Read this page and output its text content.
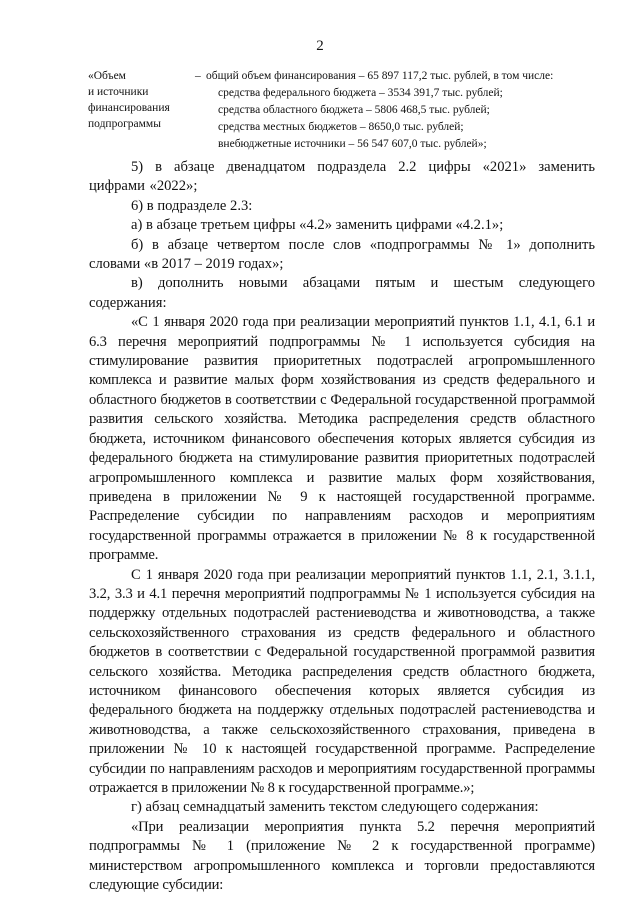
2
«Объем
и источники
финансирования
подпрограммы
– общий объем финансирования – 65 897 117,2 тыс. рублей, в том числе:
средства федерального бюджета – 3534 391,7 тыс. рублей;
средства областного бюджета – 5806 468,5 тыс. рублей;
средства местных бюджетов – 8650,0 тыс. рублей;
внебюджетные источники – 56 547 607,0 тыс. рублей»;

5) в абзаце двенадцатом подраздела 2.2 цифры «2021» заменить цифрами «2022»;

6) в подразделе 2.3:

а) в абзаце третьем цифры «4.2» заменить цифрами «4.2.1»;

б) в абзаце четвертом после слов «подпрограммы № 1» дополнить словами «в 2017 – 2019 годах»;

в) дополнить новыми абзацами пятым и шестым следующего содержания:

«С 1 января 2020 года при реализации мероприятий пунктов 1.1, 4.1, 6.1 и 6.3 перечня мероприятий подпрограммы № 1 используется субсидия на стимулирование развития приоритетных подотраслей агропромышленного комплекса и развитие малых форм хозяйствования из средств федерального и областного бюджетов в соответствии с Федеральной государственной программой развития сельского хозяйства. Методика распределения средств областного бюджета, источником финансового обеспечения которых является субсидия из федерального бюджета на стимулирование развития приоритетных подотраслей агропромышленного комплекса и развитие малых форм хозяйствования, приведена в приложении № 9 к настоящей государственной программе. Распределение субсидии по направлениям расходов и мероприятиям государственной программы отражается в приложении № 8 к государственной программе.

С 1 января 2020 года при реализации мероприятий пунктов 1.1, 2.1, 3.1.1, 3.2, 3.3 и 4.1 перечня мероприятий подпрограммы № 1 используется субсидия на поддержку отдельных подотраслей растениеводства и животноводства, а также сельскохозяйственного страхования из средств федерального и областного бюджетов в соответствии с Федеральной государственной программой развития сельского хозяйства. Методика распределения средств областного бюджета, источником финансового обеспечения которых является субсидия из федерального бюджета на поддержку отдельных подотраслей растениеводства и животноводства, а также сельскохозяйственного страхования, приведена в приложении № 10 к настоящей государственной программе. Распределение субсидии по направлениям расходов и мероприятиям государственной программы отражается в приложении № 8 к государственной программе.»;

г) абзац семнадцатый заменить текстом следующего содержания:

«При реализации мероприятия пункта 5.2 перечня мероприятий подпрограммы № 1 (приложение № 2 к государственной программе) министерством агропромышленного комплекса и торговли предоставляются следующие субсидии:
